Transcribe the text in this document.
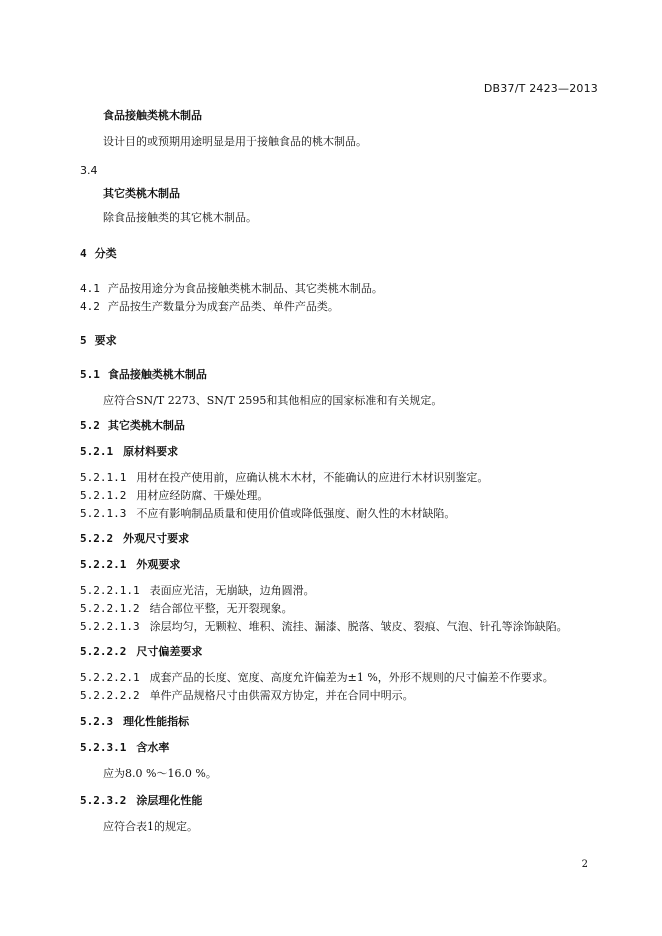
DB37/T 2423—2013
食品接触类桃木制品
设计目的或预期用途明显是用于接触食品的桃木制品。
3.4
其它类桃木制品
除食品接触类的其它桃木制品。
4 分类
4.1 产品按用途分为食品接触类桃木制品、其它类桃木制品。
4.2 产品按生产数量分为成套产品类、单件产品类。
5 要求
5.1 食品接触类桃木制品
应符合SN/T 2273、SN/T 2595和其他相应的国家标准和有关规定。
5.2 其它类桃木制品
5.2.1 原材料要求
5.2.1.1 用材在投产使用前，应确认桃木木材，不能确认的应进行木材识别鉴定。
5.2.1.2 用材应经防腐、干燥处理。
5.2.1.3 不应有影响制品质量和使用价值或降低强度、耐久性的木材缺陷。
5.2.2 外观尺寸要求
5.2.2.1 外观要求
5.2.2.1.1 表面应光洁，无崩缺，边角圆滑。
5.2.2.1.2 结合部位平整，无开裂现象。
5.2.2.1.3 涂层均匀，无颗粒、堆积、流挂、漏漆、脱落、皱皮、裂痕、气泡、针孔等涂饰缺陷。
5.2.2.2 尺寸偏差要求
5.2.2.2.1 成套产品的长度、宽度、高度允许偏差为±1 %，外形不规则的尺寸偏差不作要求。
5.2.2.2.2 单件产品规格尺寸由供需双方协定，并在合同中明示。
5.2.3 理化性能指标
5.2.3.1 含水率
应为8.0 %～16.0 %。
5.2.3.2 涂层理化性能
应符合表1的规定。
2
